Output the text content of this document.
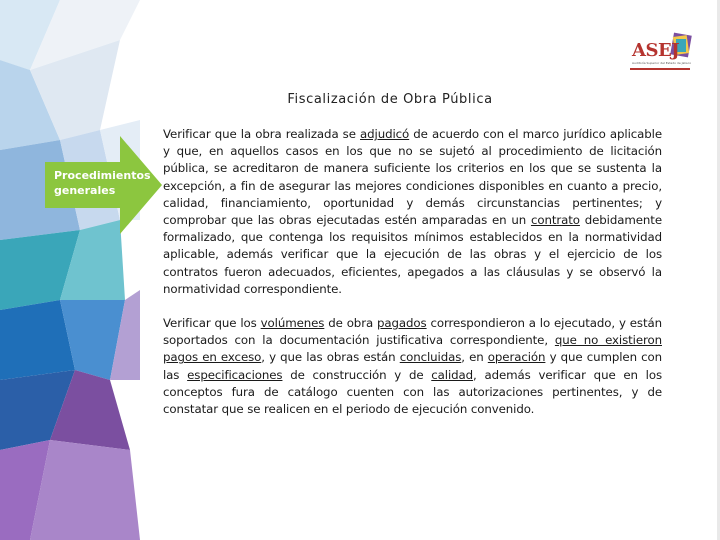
ASEJ
Auditoría Superior del Estado de Jalisco
Fiscalización de Obra Pública
Procedimientos generales
Verificar que la obra realizada se adjudicó de acuerdo con el marco jurídico aplicable y que, en aquellos casos en los que no se sujetó al procedimiento de licitación pública, se acreditaron de manera suficiente los criterios en los que se sustenta la excepción, a fin de asegurar las mejores condiciones disponibles en cuanto a precio, calidad, financiamiento, oportunidad y demás circunstancias pertinentes; y comprobar que las obras ejecutadas estén amparadas en un contrato debidamente formalizado, que contenga los requisitos mínimos establecidos en la normatividad aplicable, además verificar que la ejecución de las obras y el ejercicio de los contratos fueron adecuados, eficientes, apegados a las cláusulas y se observó la normatividad correspondiente.
Verificar que los volúmenes de obra pagados correspondieron a lo ejecutado, y están soportados con la documentación justificativa correspondiente, que no existieron pagos en exceso, y que las obras están concluidas, en operación y que cumplen con las especificaciones de construcción y de calidad, además verificar que en los conceptos fura de catálogo cuenten con las autorizaciones pertinentes, y de constatar que se realicen en el periodo de ejecución convenido.
